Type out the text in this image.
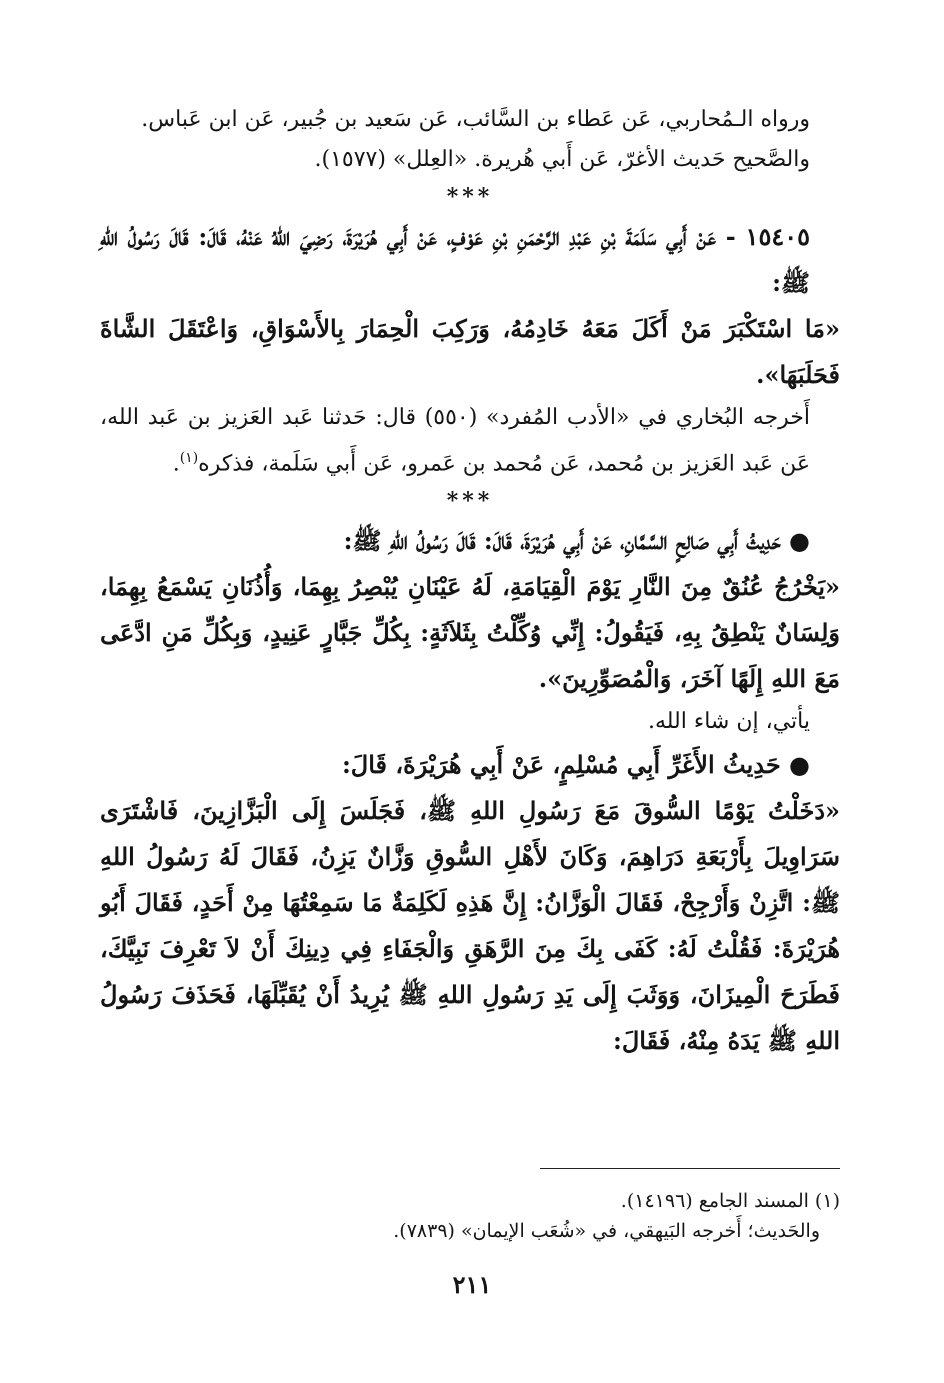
ورواه الـمُحاربي، عَن عَطاء بن السَّائب، عَن سَعيد بن جُبير، عَن ابن عَباس.

والصَّحيح حَديث الأغرّ، عَن أَبي هُريرة. «العِلل» (١٥٧٧).

***

١٥٤٠٥ - عَنْ أَبِي سَلَمَةَ بْنِ عَبْدِ الرَّحْمَنِ بْنِ عَوْفٍ، عَنْ أَبِي هُرَيْرَةَ، رَضِيَ اللهُ عَنْهُ، قَالَ: قَالَ رَسُولُ اللهِ ﷺ:

«مَا اسْتَكْبَرَ مَنْ أَكَلَ مَعَهُ خَادِمُهُ، وَرَكِبَ الْحِمَارَ بِالأَسْوَاقِ، وَاعْتَقَلَ الشَّاةَ فَحَلَبَهَا».

أَخرجه البُخاري في «الأدب المُفرد» (٥٥٠) قال: حَدثنا عَبد العَزيز بن عَبد الله، عَن عَبد العَزيز بن مُحمد، عَن مُحمد بن عَمرو، عَن أَبي سَلَمة، فذكره$^{(١)}$.

***

● حَدِيثُ أَبِي صَالِحٍ السَّمَّانِ، عَنْ أَبِي هُرَيْرَةَ، قَالَ: قَالَ رَسُولُ اللهِ ﷺ:

«يَخْرُجُ عُنُقٌ مِنَ النَّارِ يَوْمَ الْقِيَامَةِ، لَهُ عَيْنَانِ يُبْصِرُ بِهِمَا، وَأُذُنَانِ يَسْمَعُ بِهِمَا، وَلِسَانٌ يَنْطِقُ بِهِ، فَيَقُولُ: إِنِّي وُكِّلْتُ بِثَلاَثَةٍ: بِكُلِّ جَبَّارٍ عَنِيدٍ، وَبِكُلِّ مَنِ ادَّعَى مَعَ اللهِ إِلَهًا آخَرَ، وَالْمُصَوِّرِينَ».

يأتي، إن شاء الله.

● حَدِيثُ الأَغَرِّ أَبِي مُسْلِمٍ، عَنْ أَبِي هُرَيْرَةَ، قَالَ:

«دَخَلْتُ يَوْمًا السُّوقَ مَعَ رَسُولِ اللهِ ﷺ، فَجَلَسَ إِلَى الْبَزَّازِينَ، فَاشْتَرَى سَرَاوِيلَ بِأَرْبَعَةِ دَرَاهِمَ، وَكَانَ لأَهْلِ السُّوقِ وَزَّانٌ يَزِنُ، فَقَالَ لَهُ رَسُولُ اللهِ ﷺ: اتَّزِنْ وَأَرْجِحْ، فَقَالَ الْوَزَّانُ: إِنَّ هَذِهِ لَكَلِمَةٌ مَا سَمِعْتُهَا مِنْ أَحَدٍ، فَقَالَ أَبُو هُرَيْرَةَ: فَقُلْتُ لَهُ: كَفَى بِكَ مِنَ الرَّهَقِ وَالْجَفَاءِ فِي دِينِكَ أَنْ لاَ تَعْرِفَ نَبِيَّكَ، فَطَرَحَ الْمِيزَانَ، وَوَثَبَ إِلَى يَدِ رَسُولِ اللهِ ﷺ يُرِيدُ أَنْ يُقَبِّلَهَا، فَحَذَفَ رَسُولُ اللهِ ﷺ يَدَهُ مِنْهُ، فَقَالَ:

(١) المسند الجامع (١٤١٩٦).

والحَديث؛ أَخرجه البَيهقي، في «شُعَب الإيمان» (٧٨٣٩).

٢١١
